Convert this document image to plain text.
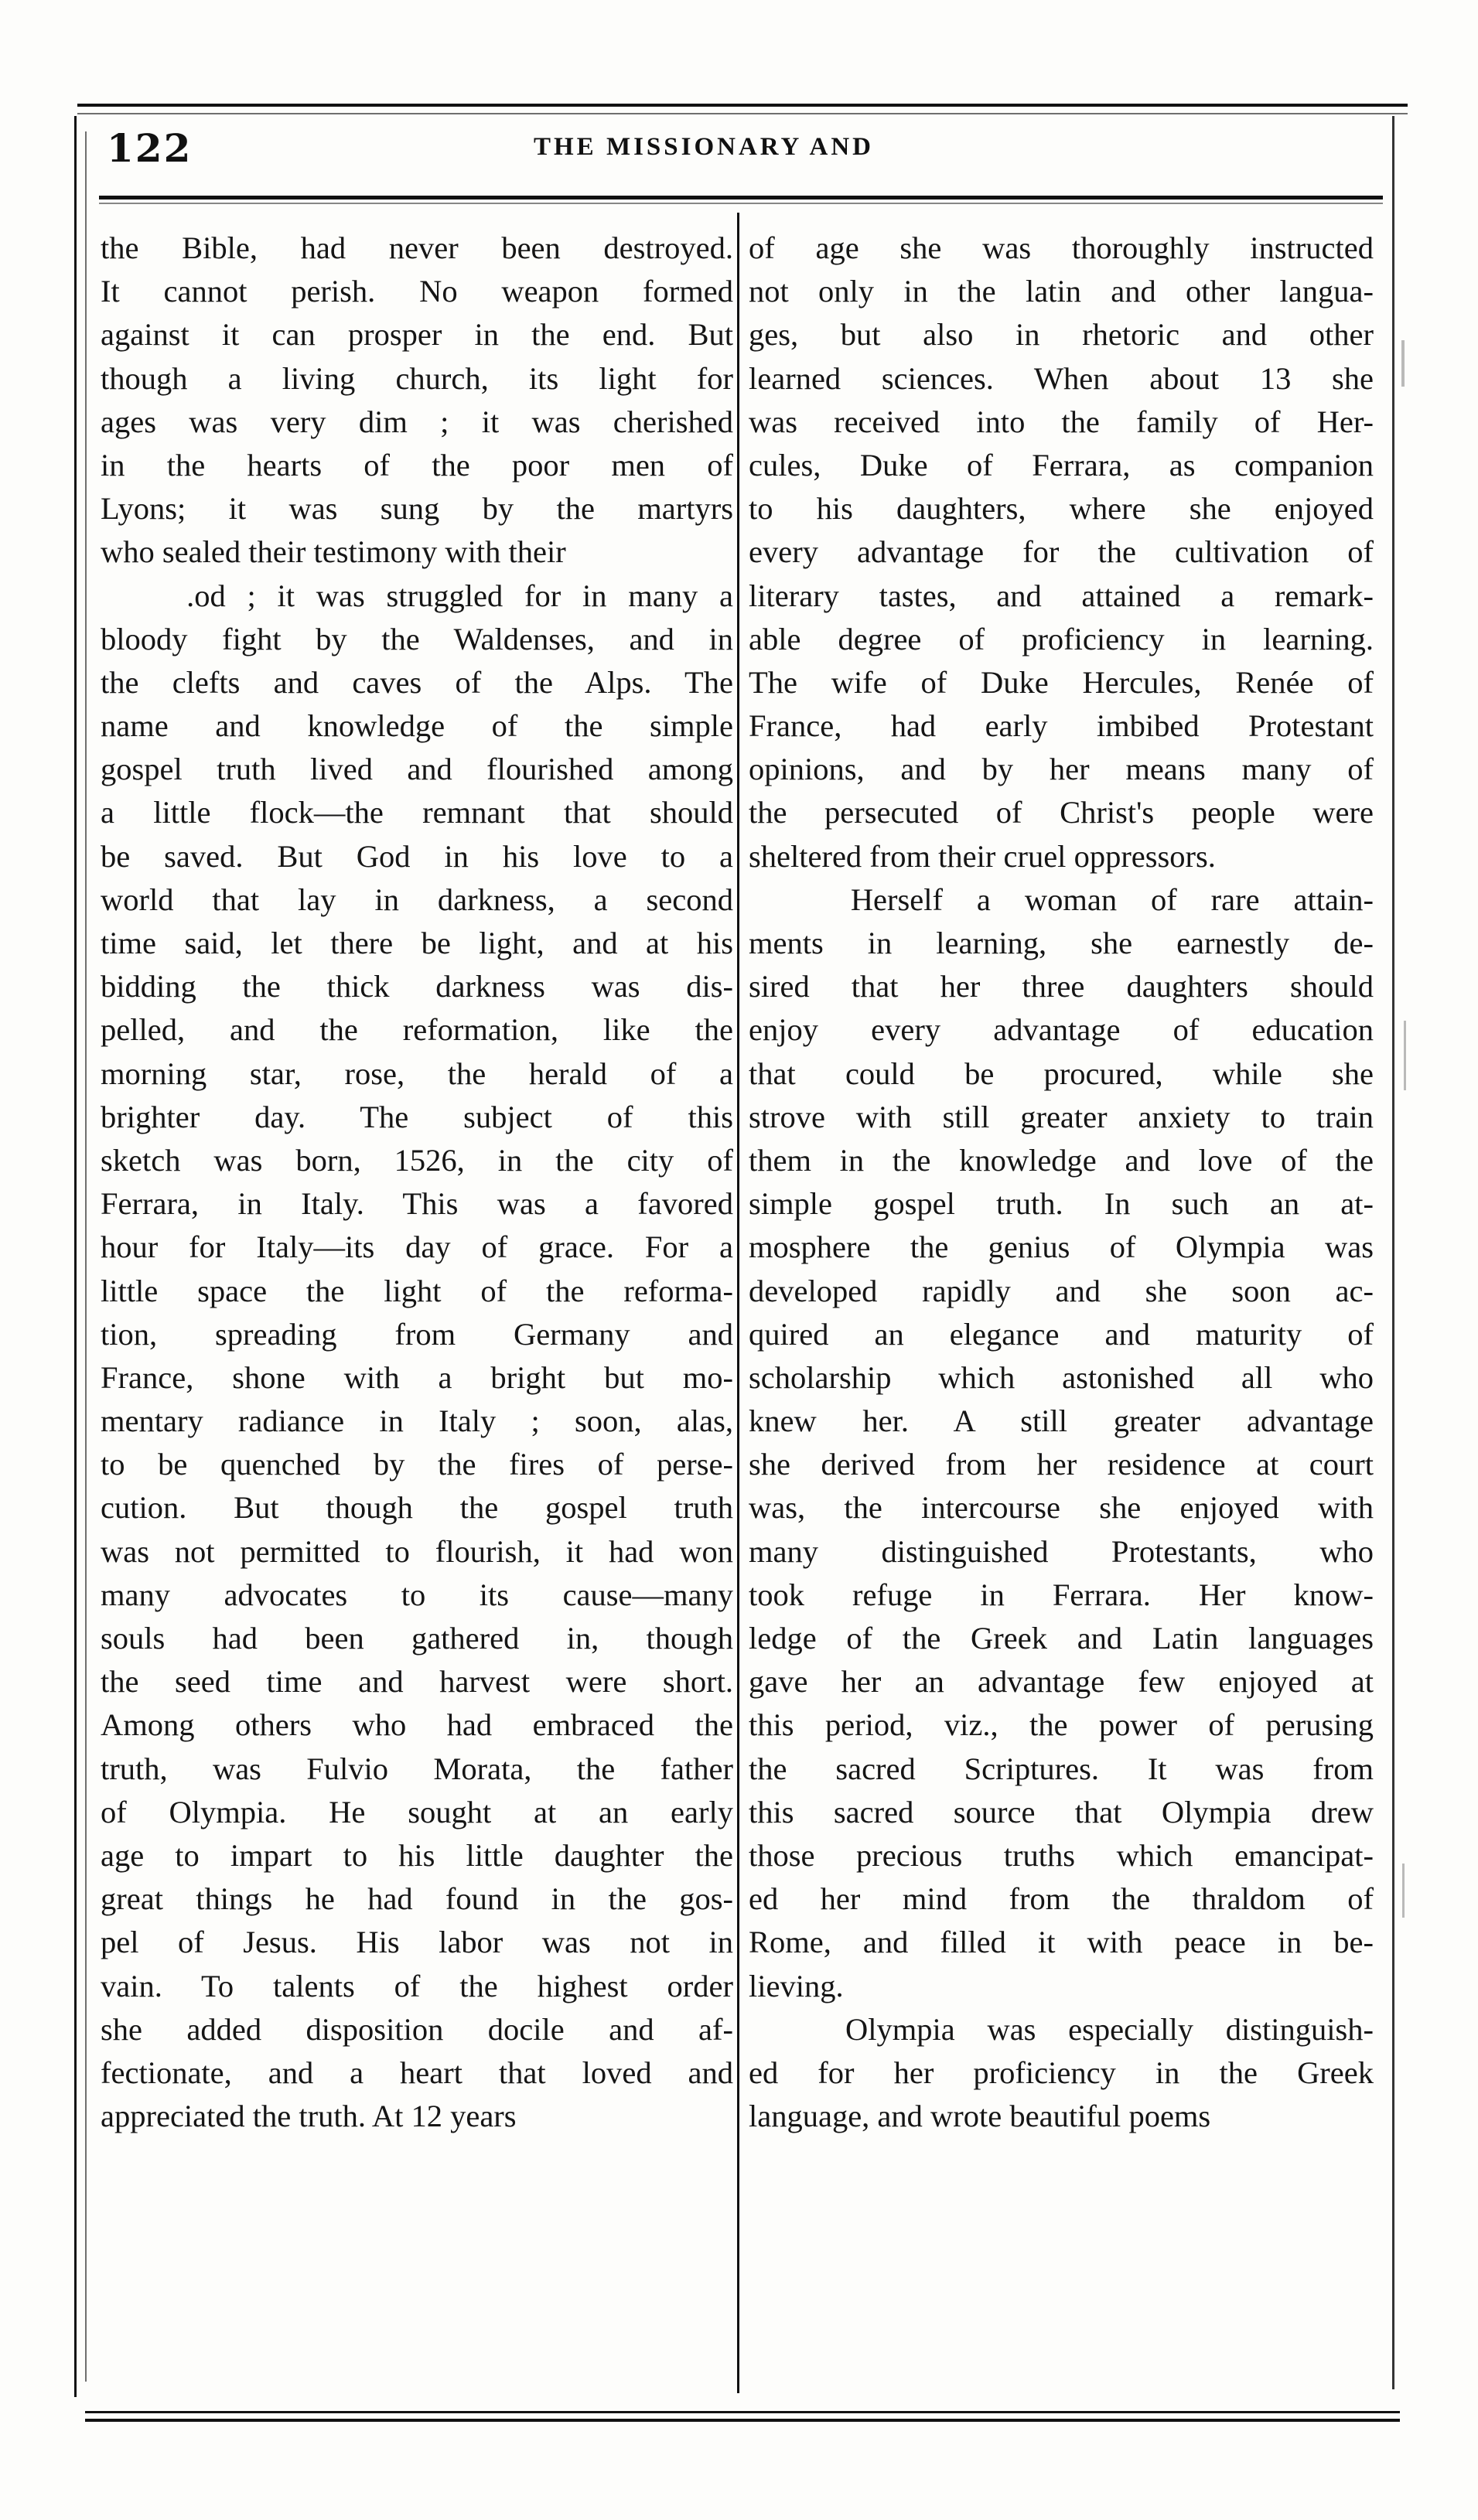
122	THE MISSIONARY AND
the Bible, had never been destroyed.
It cannot perish. No weapon formed
against it can prosper in the end. But
though a living church, its light for
ages was very dim ; it was cherished
in the hearts of the poor men of
Lyons; it was sung by the martyrs
who sealed their testimony with their
.od ; it was struggled for in many a
bloody fight by the Waldenses, and in
the clefts and caves of the Alps. The
name and knowledge of the simple
gospel truth lived and flourished among
a little flock—the remnant that should
be saved. But God in his love to a
world that lay in darkness, a second
time said, let there be light, and at his
bidding the thick darkness was dis-
pelled, and the reformation, like the
morning star, rose, the herald of a
brighter day. The subject of this
sketch was born, 1526, in the city of
Ferrara, in Italy. This was a favored
hour for Italy—its day of grace. For a
little space the light of the reforma-
tion, spreading from Germany and
France, shone with a bright but mo-
mentary radiance in Italy ; soon, alas,
to be quenched by the fires of perse-
cution. But though the gospel truth
was not permitted to flourish, it had won
many advocates to its cause—many
souls had been gathered in, though
the seed time and harvest were short.
Among others who had embraced the
truth, was Fulvio Morata, the father
of Olympia. He sought at an early
age to impart to his little daughter the
great things he had found in the gos-
pel of Jesus. His labor was not in
vain. To talents of the highest order
she added disposition docile and af-
fectionate, and a heart that loved and
appreciated the truth. At 12 years
of age she was thoroughly instructed
not only in the latin and other langua-
ges, but also in rhetoric and other
learned sciences. When about 13 she
was received into the family of Her-
cules, Duke of Ferrara, as companion
to his daughters, where she enjoyed
every advantage for the cultivation of
literary tastes, and attained a remark-
able degree of proficiency in learning.
The wife of Duke Hercules, Renée of
France, had early imbibed Protestant
opinions, and by her means many of
the persecuted of Christ's people were
sheltered from their cruel oppressors.
Herself a woman of rare attain-
ments in learning, she earnestly de-
sired that her three daughters should
enjoy every advantage of education
that could be procured, while she
strove with still greater anxiety to train
them in the knowledge and love of the
simple gospel truth. In such an at-
mosphere the genius of Olympia was
developed rapidly and she soon ac-
quired an elegance and maturity of
scholarship which astonished all who
knew her. A still greater advantage
she derived from her residence at court
was, the intercourse she enjoyed with
many distinguished Protestants, who
took refuge in Ferrara. Her know-
ledge of the Greek and Latin languages
gave her an advantage few enjoyed at
this period, viz., the power of perusing
the sacred Scriptures. It was from
this sacred source that Olympia drew
those precious truths which emancipat-
ed her mind from the thraldom of
Rome, and filled it with peace in be-
lieving.
Olympia was especially distinguish-
ed for her proficiency in the Greek
language, and wrote beautiful poems
